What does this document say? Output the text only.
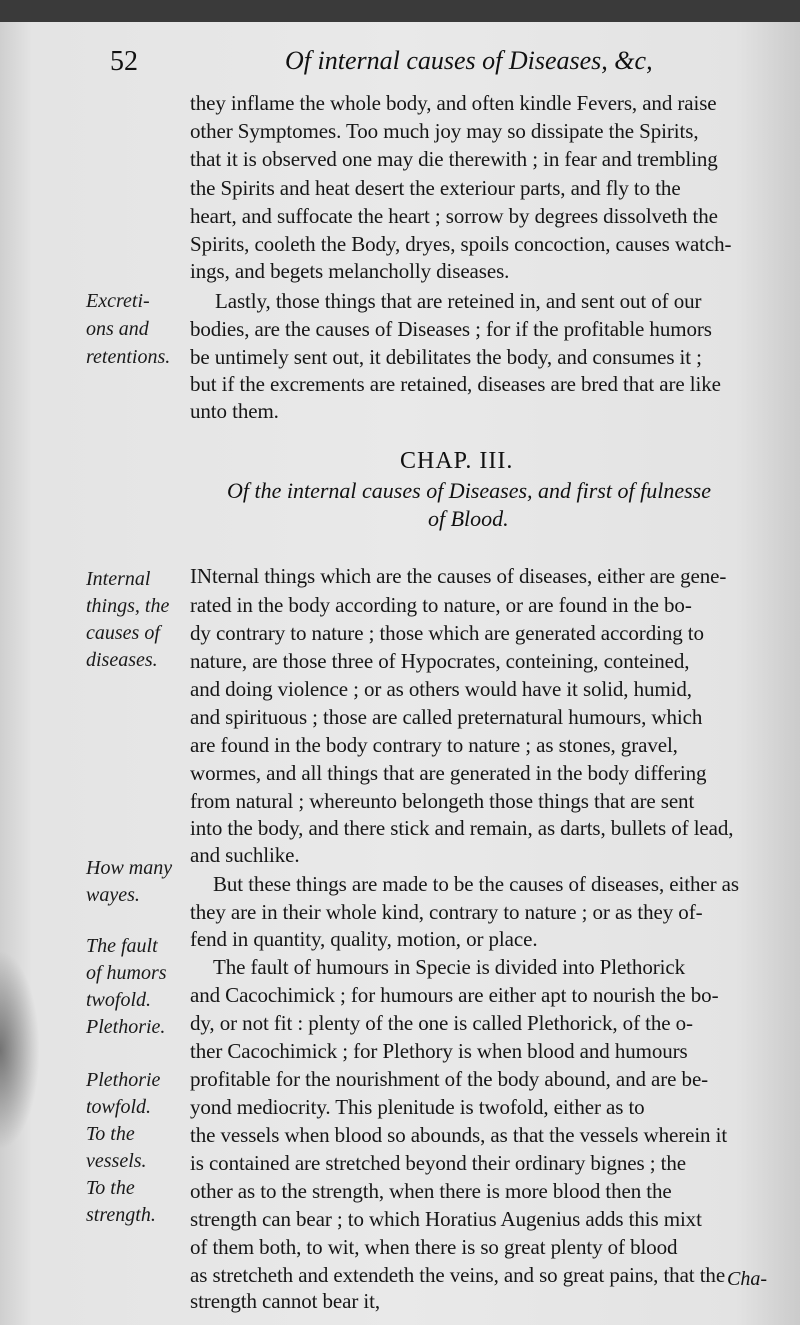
52	Of internal causes of Diseases, &c,
they inflame the whole body, and often kindle Fevers, and raise
other Symptomes. Too much joy may so dissipate the Spirits,
that it is observed one may die therewith ; in fear and trembling
the Spirits and heat desert the exteriour parts, and fly to the
heart, and suffocate the heart ; sorrow by degrees dissolveth the
Spirits, cooleth the Body, dryes, spoils concoction, causes watch-
ings, and begets melancholly diseases.
Lastly, those things that are reteined in, and sent out of our
bodies, are the causes of Diseases ; for if the profitable humors
be untimely sent out, it debilitates the body, and consumes it ;
but if the excrements are retained, diseases are bred that are like
unto them.
CHAP. III.
Of the internal causes of Diseases, and first of fulnesse
of Blood.
INternal things which are the causes of diseases, either are gene-
rated in the body according to nature, or are found in the bo-
dy contrary to nature ; those which are generated according to
nature, are those three of Hypocrates, conteining, conteined,
and doing violence ; or as others would have it solid, humid,
and spirituous ; those are called preternatural humours, which
are found in the body contrary to nature ; as stones, gravel,
wormes, and all things that are generated in the body differing
from natural ; whereunto belongeth those things that are sent
into the body, and there stick and remain, as darts, bullets of lead,
and suchlike.
But these things are made to be the causes of diseases, either as
they are in their whole kind, contrary to nature ; or as they of-
fend in quantity, quality, motion, or place.
The fault of humours in Specie is divided into Plethorick
and Cacochimick ; for humours are either apt to nourish the bo-
dy, or not fit : plenty of the one is called Plethorick, of the o-
ther Cacochimick ; for Plethory is when blood and humours
profitable for the nourishment of the body abound, and are be-
yond mediocrity. This plenitude is twofold, either as to
the vessels when blood so abounds, as that the vessels wherein it
is contained are stretched beyond their ordinary bignes ; the
other as to the strength, when there is more blood then the
strength can bear ; to which Horatius Augenius adds this mixt
of them both, to wit, when there is so great plenty of blood
as stretcheth and extendeth the veins, and so great pains, that the
strength cannot bear it,
Excreti-
ons and
retentions.
Internal
things, the
causes of
diseases.
How many
wayes.
The fault
of humors
twofold.
Plethorie.
Plethorie
towfold.
To the
vessels.
To the
strength.
Cha-
